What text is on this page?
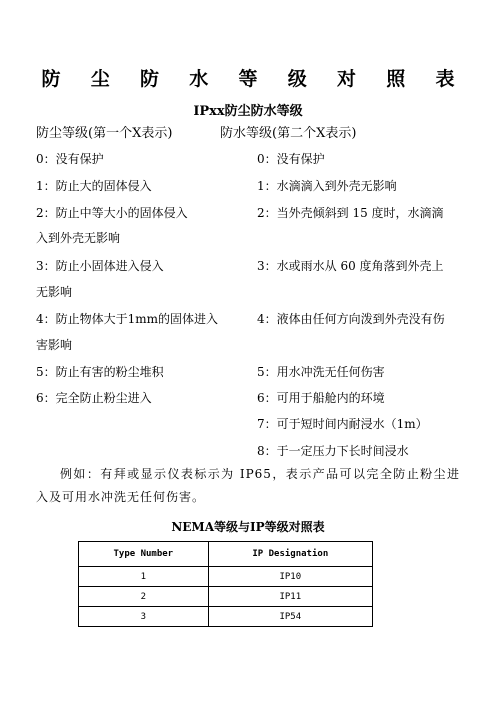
防 尘 防 水 等 级 对 照 表
IPxx防尘防水等级
防尘等级(第一个X表示)	防水等级(第二个X表示)
0：没有保护	0：没有保护
1：防止大的固体侵入	1：水滴滴入到外壳无影响
2：防止中等大小的固体侵入	2：当外壳倾斜到 15 度时，水滴滴
入到外壳无影响
3：防止小固体进入侵入	3：水或雨水从 60 度角落到外壳上
无影响
4：防止物体大于1mm的固体进入	4：液体由任何方向泼到外壳没有伤
害影响
5：防止有害的粉尘堆积	5：用水冲洗无任何伤害
6：完全防止粉尘进入	6：可用于船舱内的环境
7：可于短时间内耐浸水（1m）
8：于一定压力下长时间浸水
例如：有拜或显示仪表标示为 IP65，表示产品可以完全防止粉尘进入及可用水冲洗无任何伤害。
NEMA等级与IP等级对照表
Type Number	IP Designation
1	IP10
2	IP11
3	IP54
